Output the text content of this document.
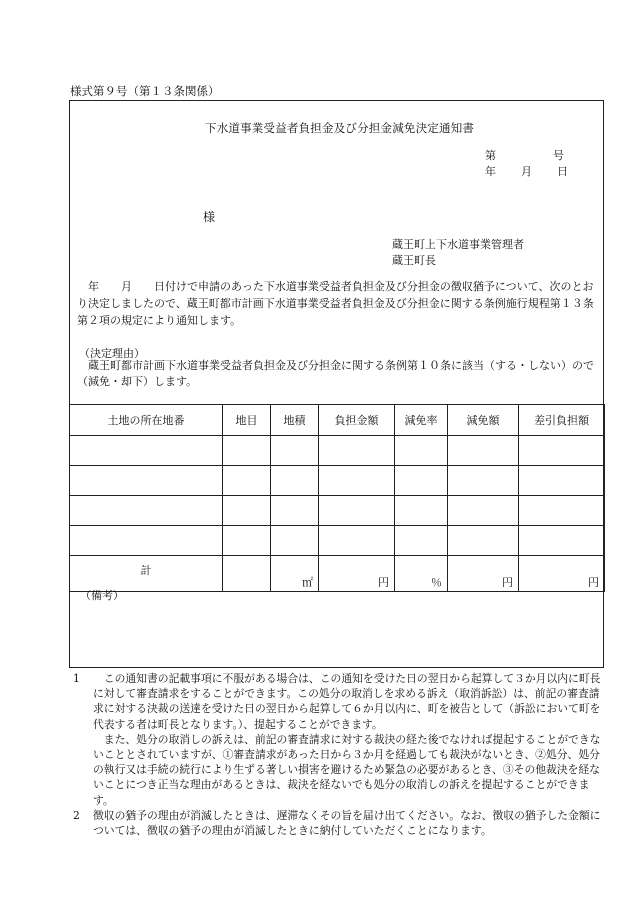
様式第９号（第１３条関係）
下水道事業受益者負担金及び分担金減免決定通知書
第	号
年 月 日
様
蔵王町上下水道事業管理者
蔵王町長
　年　　月　　日付けで申請のあった下水道事業受益者負担金及び分担金の徴収猶予について、次のとおり決定しましたので、蔵王町都市計画下水道事業受益者負担金及び分担金に関する条例施行規程第１３条第２項の規定により通知します。
（決定理由）
　蔵王町都市計画下水道事業受益者負担金及び分担金に関する条例第１０条に該当（する・しない）ので（減免・却下）します。
土地の所在地番	地目	地積	負担金額	減免率	減免額	差引負担額

計		㎡	円	％	円	円
（備考）
1	この通知書の記載事項に不服がある場合は、この通知を受けた日の翌日から起算して３か月以内に町長に対して審査請求をすることができます。この処分の取消しを求める訴え（取消訴訟）は、前記の審査請求に対する決裁の送達を受けた日の翌日から起算して６か月以内に、町を被告として（訴訟において町を代表する者は町長となります。）、提起することができます。
また、処分の取消しの訴えは、前記の審査請求に対する裁決の経た後でなければ提起することができないこととされていますが、①審査請求があった日から３か月を経過しても裁決がないとき、②処分、処分の執行又は手続の続行により生ずる著しい損害を避けるため緊急の必要があるとき、③その他裁決を経ないことにつき正当な理由があるときは、裁決を経ないでも処分の取消しの訴えを提起することができます。
2	徴収の猶予の理由が消滅したときは、遅滞なくその旨を届け出てください。なお、徴収の猶予した金額については、徴収の猶予の理由が消滅したときに納付していただくことになります。
